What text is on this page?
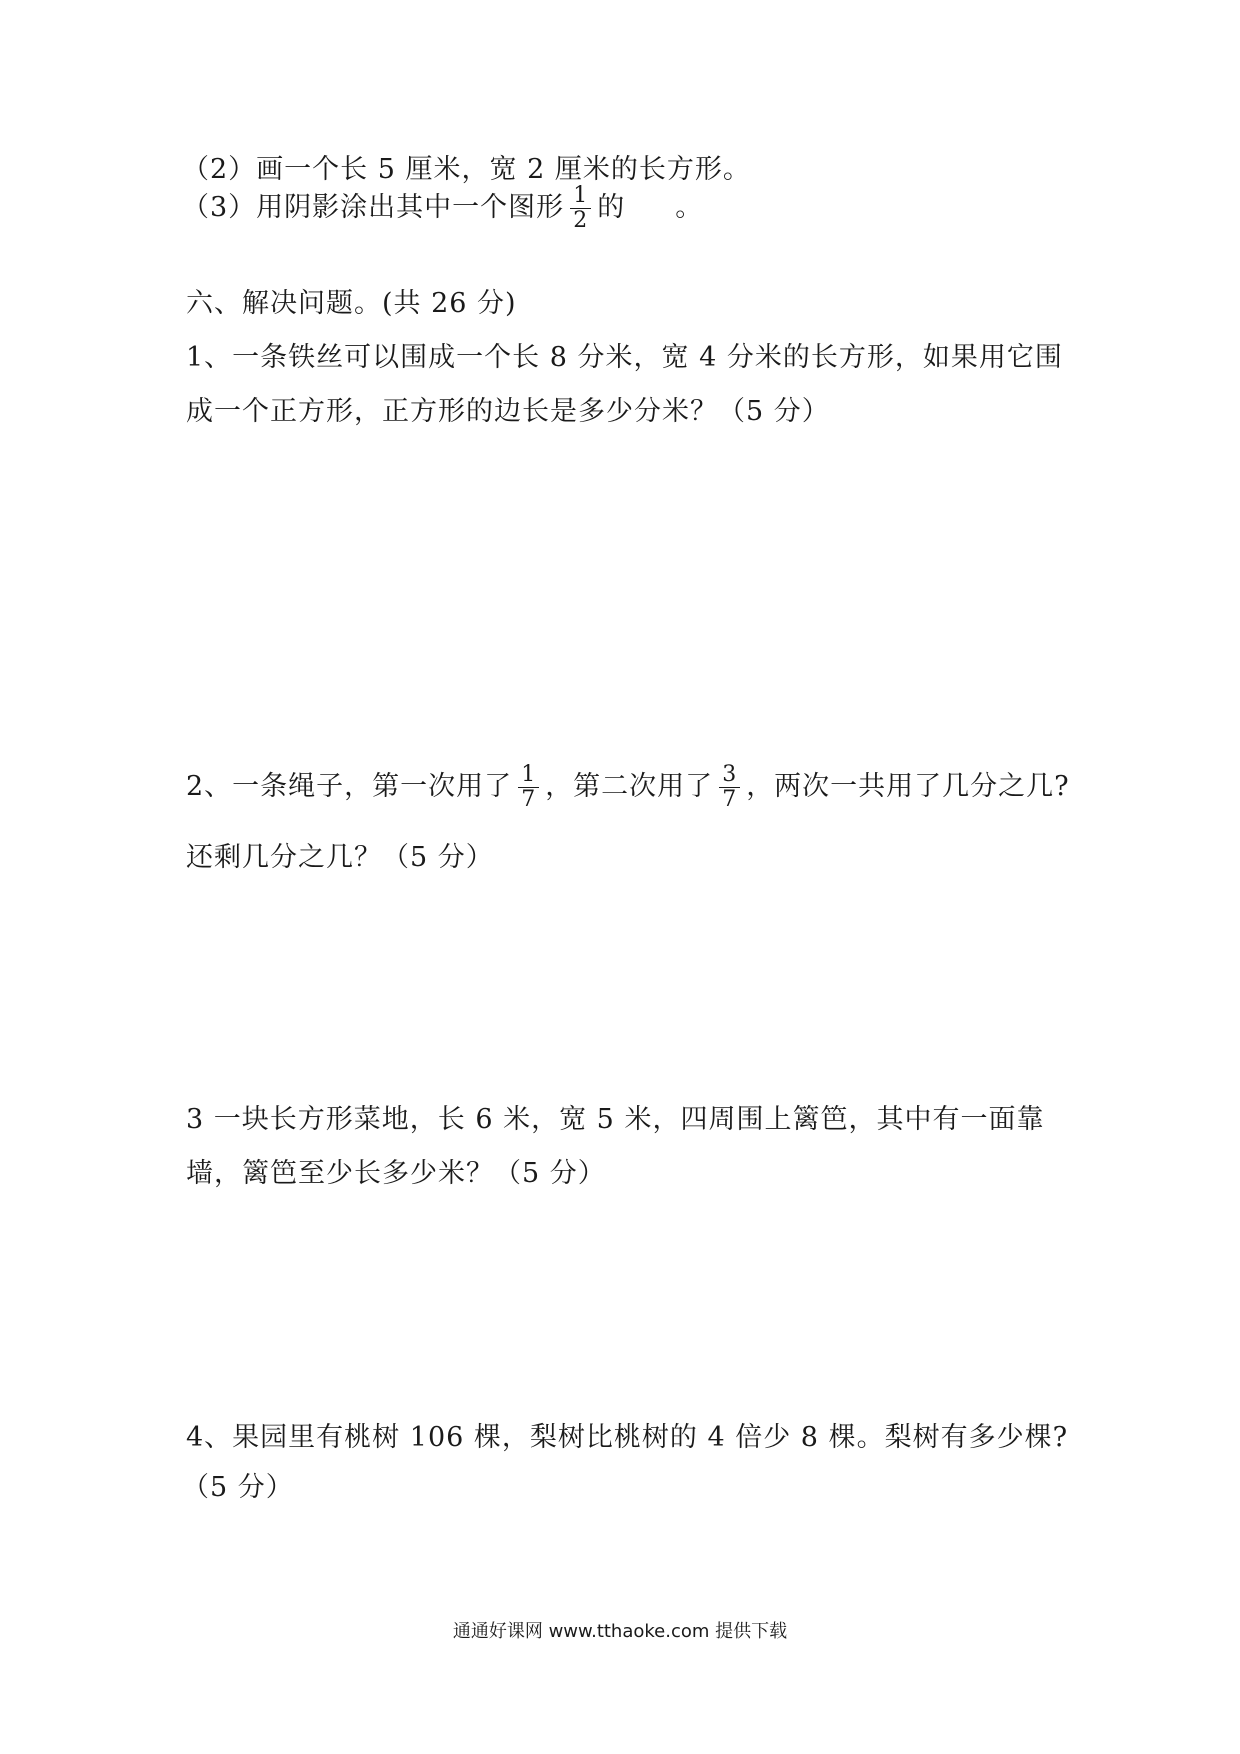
（2）画一个长 5 厘米，宽 2 厘米的长方形。
（3）用阴影涂出其中一个图形 $\frac{1}{2}$ 的 。
六、解决问题。(共 26 分)
1、一条铁丝可以围成一个长 8 分米，宽 4 分米的长方形，如果用它围
成一个正方形，正方形的边长是多少分米？（5 分）
2、一条绳子，第一次用了 $\frac{1}{7}$ ，第二次用了 $\frac{3}{7}$ ，两次一共用了几分之几?
还剩几分之几？（5 分）
3 一块长方形菜地，长 6 米，宽 5 米，四周围上篱笆，其中有一面靠
墙，篱笆至少长多少米？（5 分）
4、果园里有桃树 106 棵，梨树比桃树的 4 倍少 8 棵。梨树有多少棵?
（5 分）
通通好课网 www.tthaoke.com 提供下载
